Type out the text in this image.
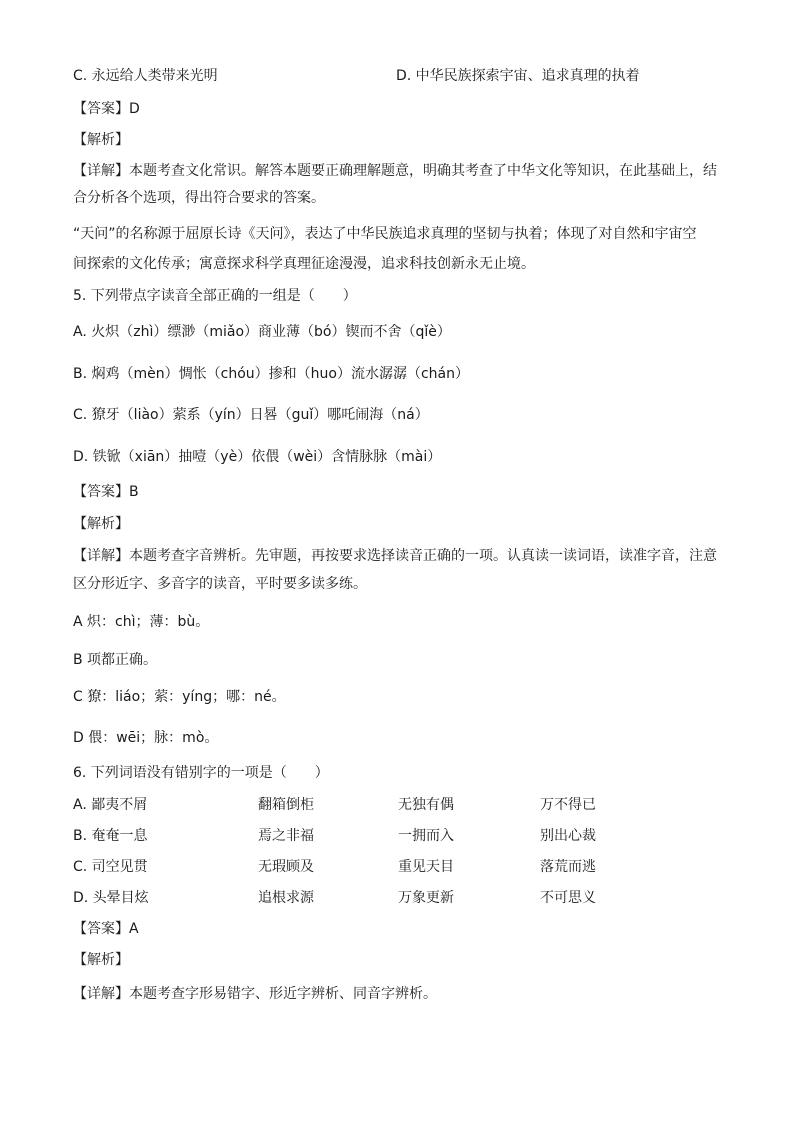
C. 永远给人类带来光明	D. 中华民族探索宇宙、追求真理的执着
【答案】D
【解析】
【详解】本题考查文化常识。解答本题要正确理解题意，明确其考查了中华文化等知识，在此基础上，结
合分析各个选项，得出符合要求的答案。
“天问”的名称源于屈原长诗《天问》，表达了中华民族追求真理的坚韧与执着；体现了对自然和宇宙空
间探索的文化传承；寓意探求科学真理征途漫漫，追求科技创新永无止境。
5. 下列带点字读音全部正确的一组是（　　）
A. 火炽（zhì）缥渺（miǎo）商业薄（bó）锲而不舍（qǐè）
B. 焖鸡（mèn）惆怅（chóu）掺和（huo）流水潺潺（chán）
C. 獠牙（liào）萦系（yín）日晷（guǐ）哪吒闹海（ná）
D. 铁锨（xiān）抽噎（yè）依偎（wèi）含情脉脉（mài）
【答案】B
【解析】
【详解】本题考查字音辨析。先审题，再按要求选择读音正确的一项。认真读一读词语，读准字音，注意
区分形近字、多音字的读音，平时要多读多练。
A 炽：chì；薄：bù。
B 项都正确。
C 獠：liáo；萦：yíng；哪：né。
D 偎：wēi；脉：mò。
6. 下列词语没有错别字的一项是（　　）
A. 鄙夷不屑	翻箱倒柜	无独有偶	万不得已
B. 奄奄一息	焉之非福	一拥而入	别出心裁
C. 司空见贯	无瑕顾及	重见天目	落荒而逃
D. 头晕目炫	追根求源	万象更新	不可思义
【答案】A
【解析】
【详解】本题考查字形易错字、形近字辨析、同音字辨析。
